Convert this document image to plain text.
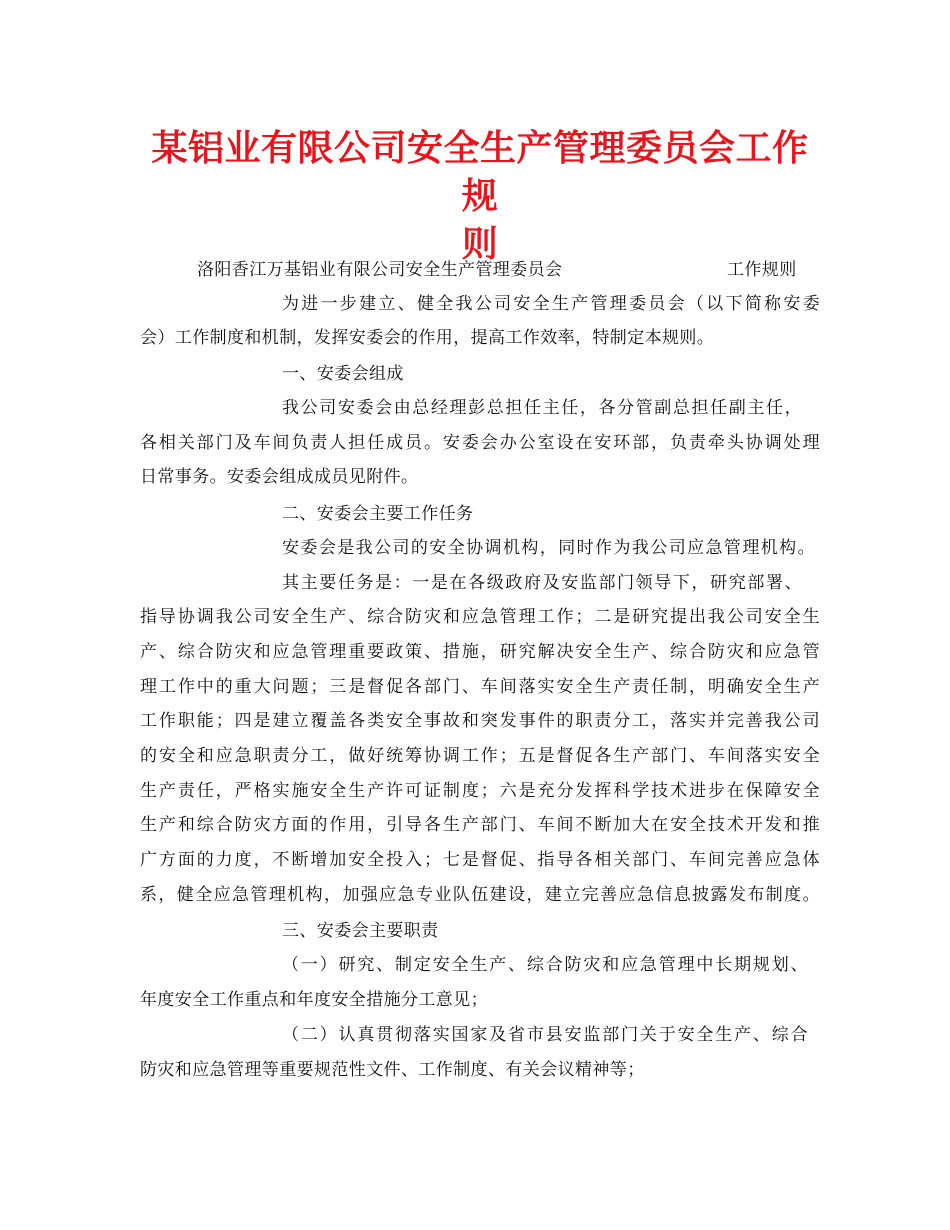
某铝业有限公司安全生产管理委员会工作规
则
洛阳香江万基铝业有限公司安全生产管理委员会	工作规则
为进一步建立、健全我公司安全生产管理委员会（以下简称安委
会）工作制度和机制，发挥安委会的作用，提高工作效率，特制定本规则。
一、安委会组成
我公司安委会由总经理彭总担任主任，各分管副总担任副主任，
各相关部门及车间负责人担任成员。安委会办公室设在安环部，负责牵头协调处理
日常事务。安委会组成成员见附件。
二、安委会主要工作任务
安委会是我公司的安全协调机构，同时作为我公司应急管理机构。
其主要任务是：一是在各级政府及安监部门领导下，研究部署、
指导协调我公司安全生产、综合防灾和应急管理工作；二是研究提出我公司安全生
产、综合防灾和应急管理重要政策、措施，研究解决安全生产、综合防灾和应急管
理工作中的重大问题；三是督促各部门、车间落实安全生产责任制，明确安全生产
工作职能；四是建立覆盖各类安全事故和突发事件的职责分工，落实并完善我公司
的安全和应急职责分工，做好统筹协调工作；五是督促各生产部门、车间落实安全
生产责任，严格实施安全生产许可证制度；六是充分发挥科学技术进步在保障安全
生产和综合防灾方面的作用，引导各生产部门、车间不断加大在安全技术开发和推
广方面的力度，不断增加安全投入；七是督促、指导各相关部门、车间完善应急体
系，健全应急管理机构，加强应急专业队伍建设，建立完善应急信息披露发布制度。
三、安委会主要职责
（一）研究、制定安全生产、综合防灾和应急管理中长期规划、
年度安全工作重点和年度安全措施分工意见；
（二）认真贯彻落实国家及省市县安监部门关于安全生产、综合
防灾和应急管理等重要规范性文件、工作制度、有关会议精神等；
